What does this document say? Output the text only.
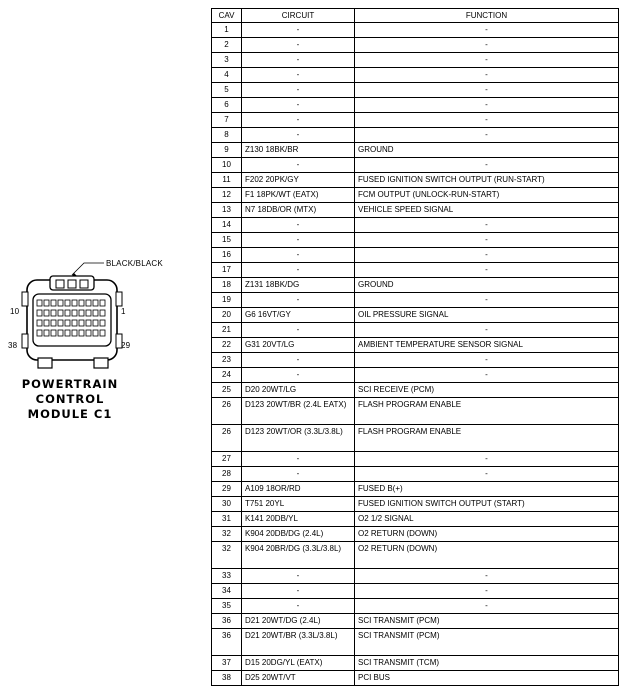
BLACK/BLACK
10	1
38	29
POWERTRAIN
CONTROL
MODULE C1
CAV	CIRCUIT	FUNCTION
1	-	-
2	-	-
3	-	-
4	-	-
5	-	-
6	-	-
7	-	-
8	-	-
9	Z130 18BK/BR	GROUND
10	-	-
11	F202 20PK/GY	FUSED IGNITION SWITCH OUTPUT (RUN-START)
12	F1 18PK/WT (EATX)	FCM OUTPUT (UNLOCK-RUN-START)
13	N7 18DB/OR (MTX)	VEHICLE SPEED SIGNAL
14	-	-
15	-	-
16	-	-
17	-	-
18	Z131 18BK/DG	GROUND
19	-	-
20	G6 16VT/GY	OIL PRESSURE SIGNAL
21	-	-
22	G31 20VT/LG	AMBIENT TEMPERATURE SENSOR SIGNAL
23	-	-
24	-	-
25	D20 20WT/LG	SCI RECEIVE (PCM)
26	D123 20WT/BR (2.4L EATX)	FLASH PROGRAM ENABLE
26	D123 20WT/OR (3.3L/3.8L)	FLASH PROGRAM ENABLE
27	-	-
28	-	-
29	A109 18OR/RD	FUSED B(+)
30	T751 20YL	FUSED IGNITION SWITCH OUTPUT (START)
31	K141 20DB/YL	O2 1/2 SIGNAL
32	K904 20DB/DG (2.4L)	O2 RETURN (DOWN)
32	K904 20BR/DG (3.3L/3.8L)	O2 RETURN (DOWN)
33	-	-
34	-	-
35	-	-
36	D21 20WT/DG (2.4L)	SCI TRANSMIT (PCM)
36	D21 20WT/BR (3.3L/3.8L)	SCI TRANSMIT (PCM)
37	D15 20DG/YL (EATX)	SCI TRANSMIT (TCM)
38	D25 20WT/VT	PCI BUS
